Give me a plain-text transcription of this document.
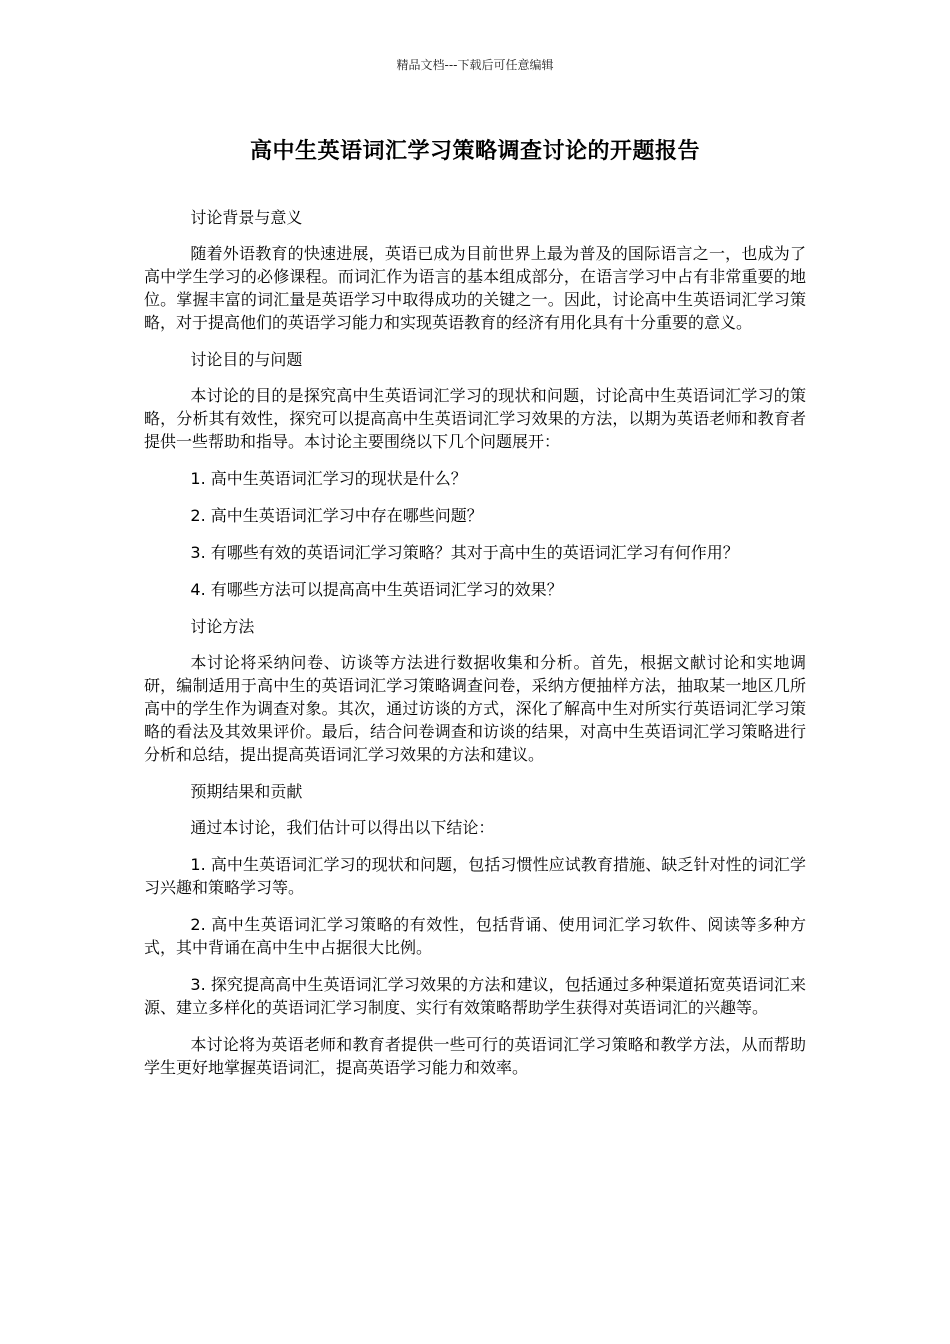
精品文档---下载后可任意编辑
高中生英语词汇学习策略调查讨论的开题报告

讨论背景与意义

随着外语教育的快速进展，英语已成为目前世界上最为普及的国际语言之一，也成为了高中学生学习的必修课程。而词汇作为语言的基本组成部分，在语言学习中占有非常重要的地位。掌握丰富的词汇量是英语学习中取得成功的关键之一。因此，讨论高中生英语词汇学习策略，对于提高他们的英语学习能力和实现英语教育的经济有用化具有十分重要的意义。

讨论目的与问题

本讨论的目的是探究高中生英语词汇学习的现状和问题，讨论高中生英语词汇学习的策略，分析其有效性，探究可以提高高中生英语词汇学习效果的方法，以期为英语老师和教育者提供一些帮助和指导。本讨论主要围绕以下几个问题展开：

1. 高中生英语词汇学习的现状是什么？

2. 高中生英语词汇学习中存在哪些问题？

3. 有哪些有效的英语词汇学习策略？其对于高中生的英语词汇学习有何作用？

4. 有哪些方法可以提高高中生英语词汇学习的效果？

讨论方法

本讨论将采纳问卷、访谈等方法进行数据收集和分析。首先，根据文献讨论和实地调研，编制适用于高中生的英语词汇学习策略调查问卷，采纳方便抽样方法，抽取某一地区几所高中的学生作为调查对象。其次，通过访谈的方式，深化了解高中生对所实行英语词汇学习策略的看法及其效果评价。最后，结合问卷调查和访谈的结果，对高中生英语词汇学习策略进行分析和总结，提出提高英语词汇学习效果的方法和建议。

预期结果和贡献

通过本讨论，我们估计可以得出以下结论：

1. 高中生英语词汇学习的现状和问题，包括习惯性应试教育措施、缺乏针对性的词汇学习兴趣和策略学习等。

2. 高中生英语词汇学习策略的有效性，包括背诵、使用词汇学习软件、阅读等多种方式，其中背诵在高中生中占据很大比例。

3. 探究提高高中生英语词汇学习效果的方法和建议，包括通过多种渠道拓宽英语词汇来源、建立多样化的英语词汇学习制度、实行有效策略帮助学生获得对英语词汇的兴趣等。

本讨论将为英语老师和教育者提供一些可行的英语词汇学习策略和教学方法，从而帮助学生更好地掌握英语词汇，提高英语学习能力和效率。
